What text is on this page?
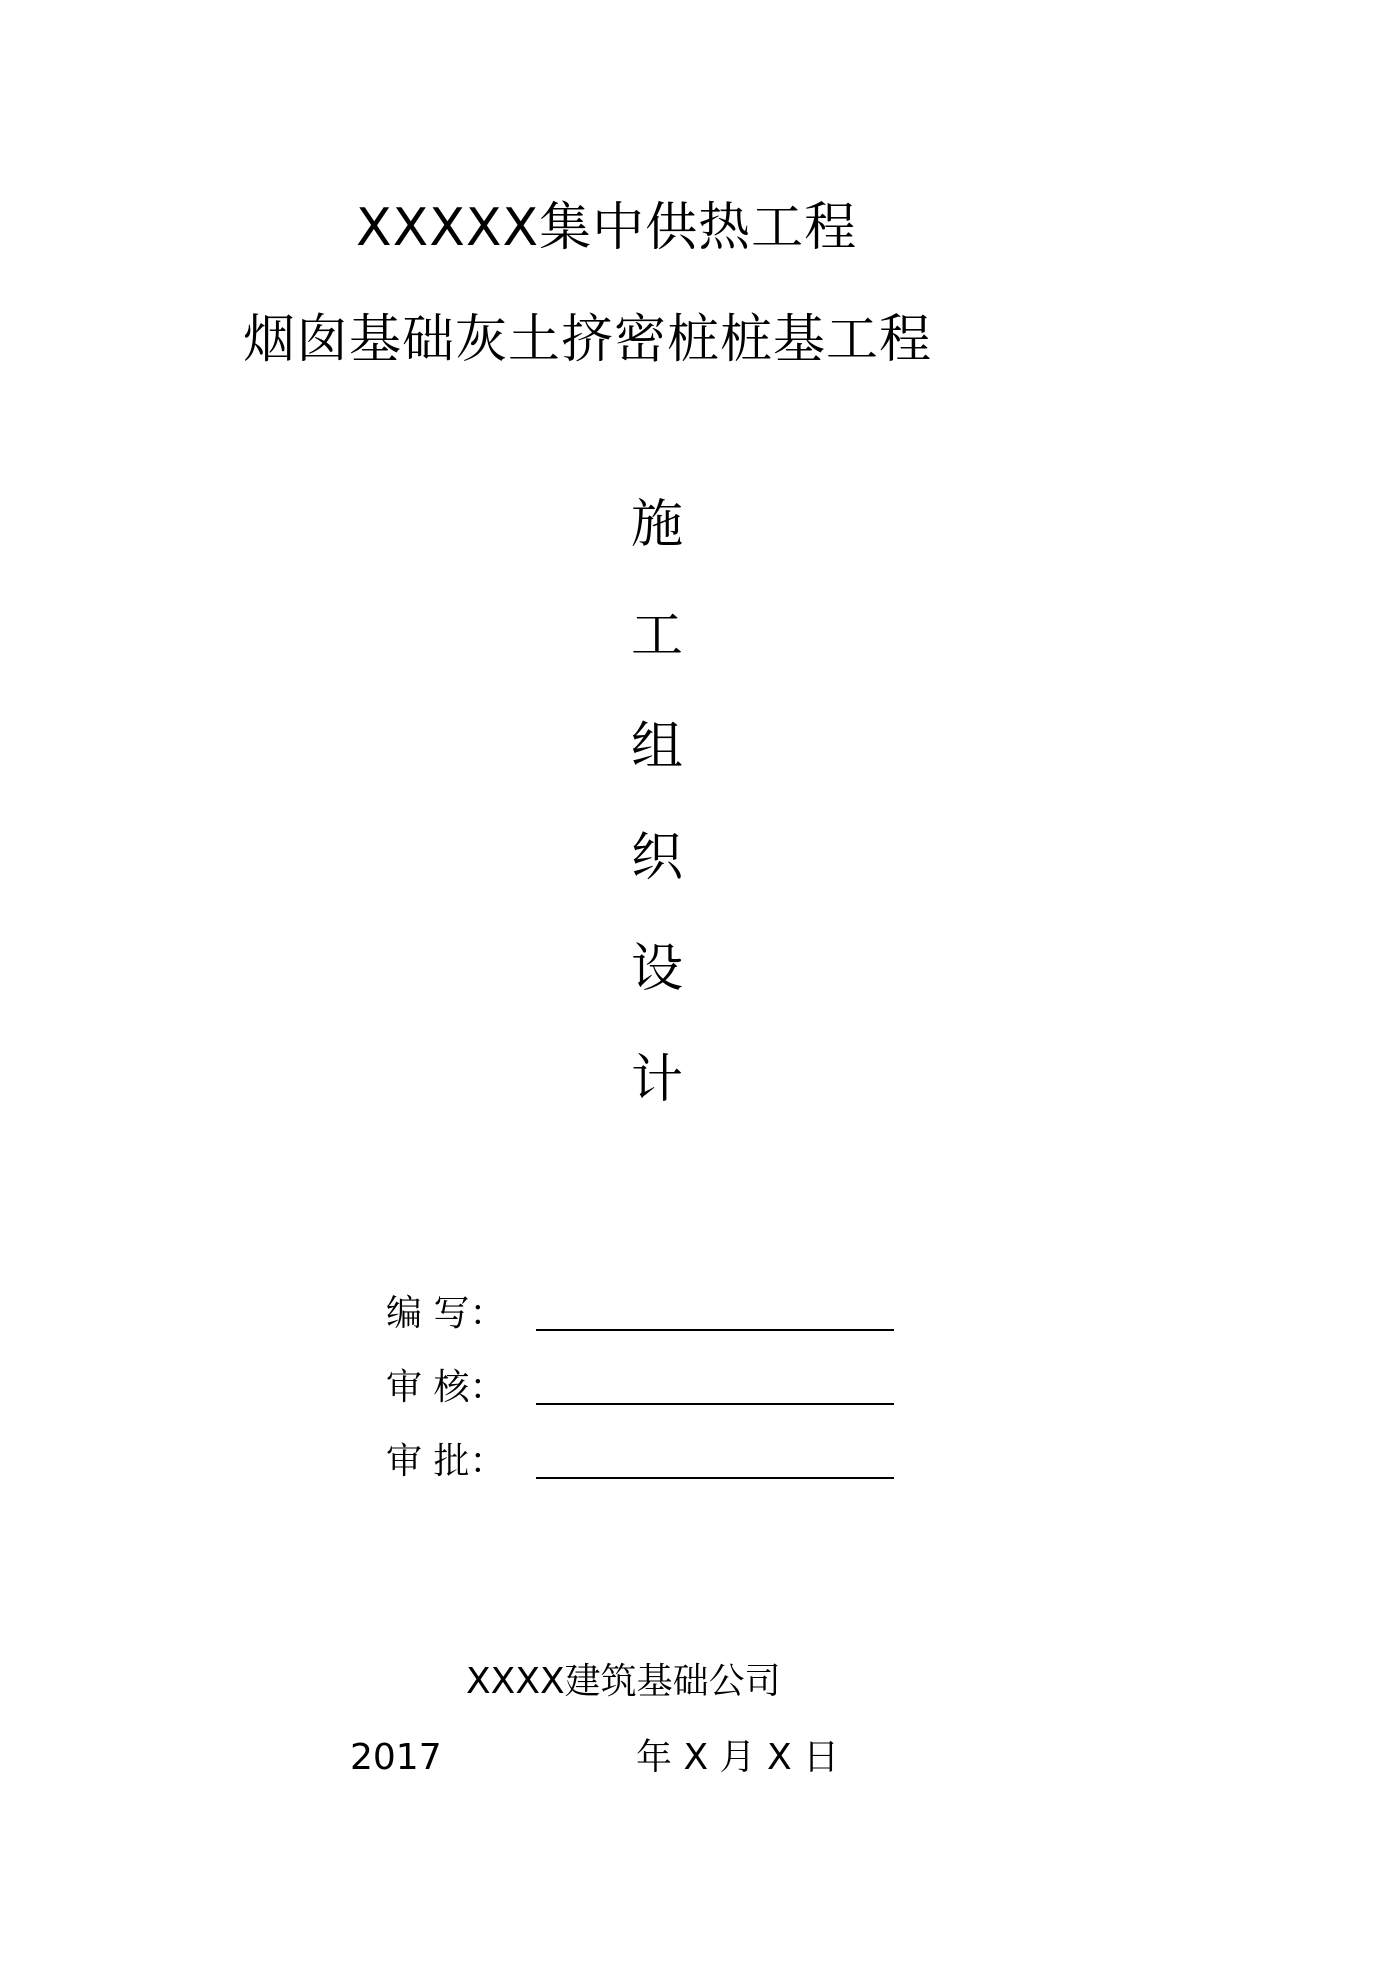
XXXXX集中供热工程
烟囱基础灰土挤密桩桩基工程
施
工
组
织
设
计
编 写：
审 核：
审 批：
XXXX建筑基础公司
2017	年 X 月 X 日
